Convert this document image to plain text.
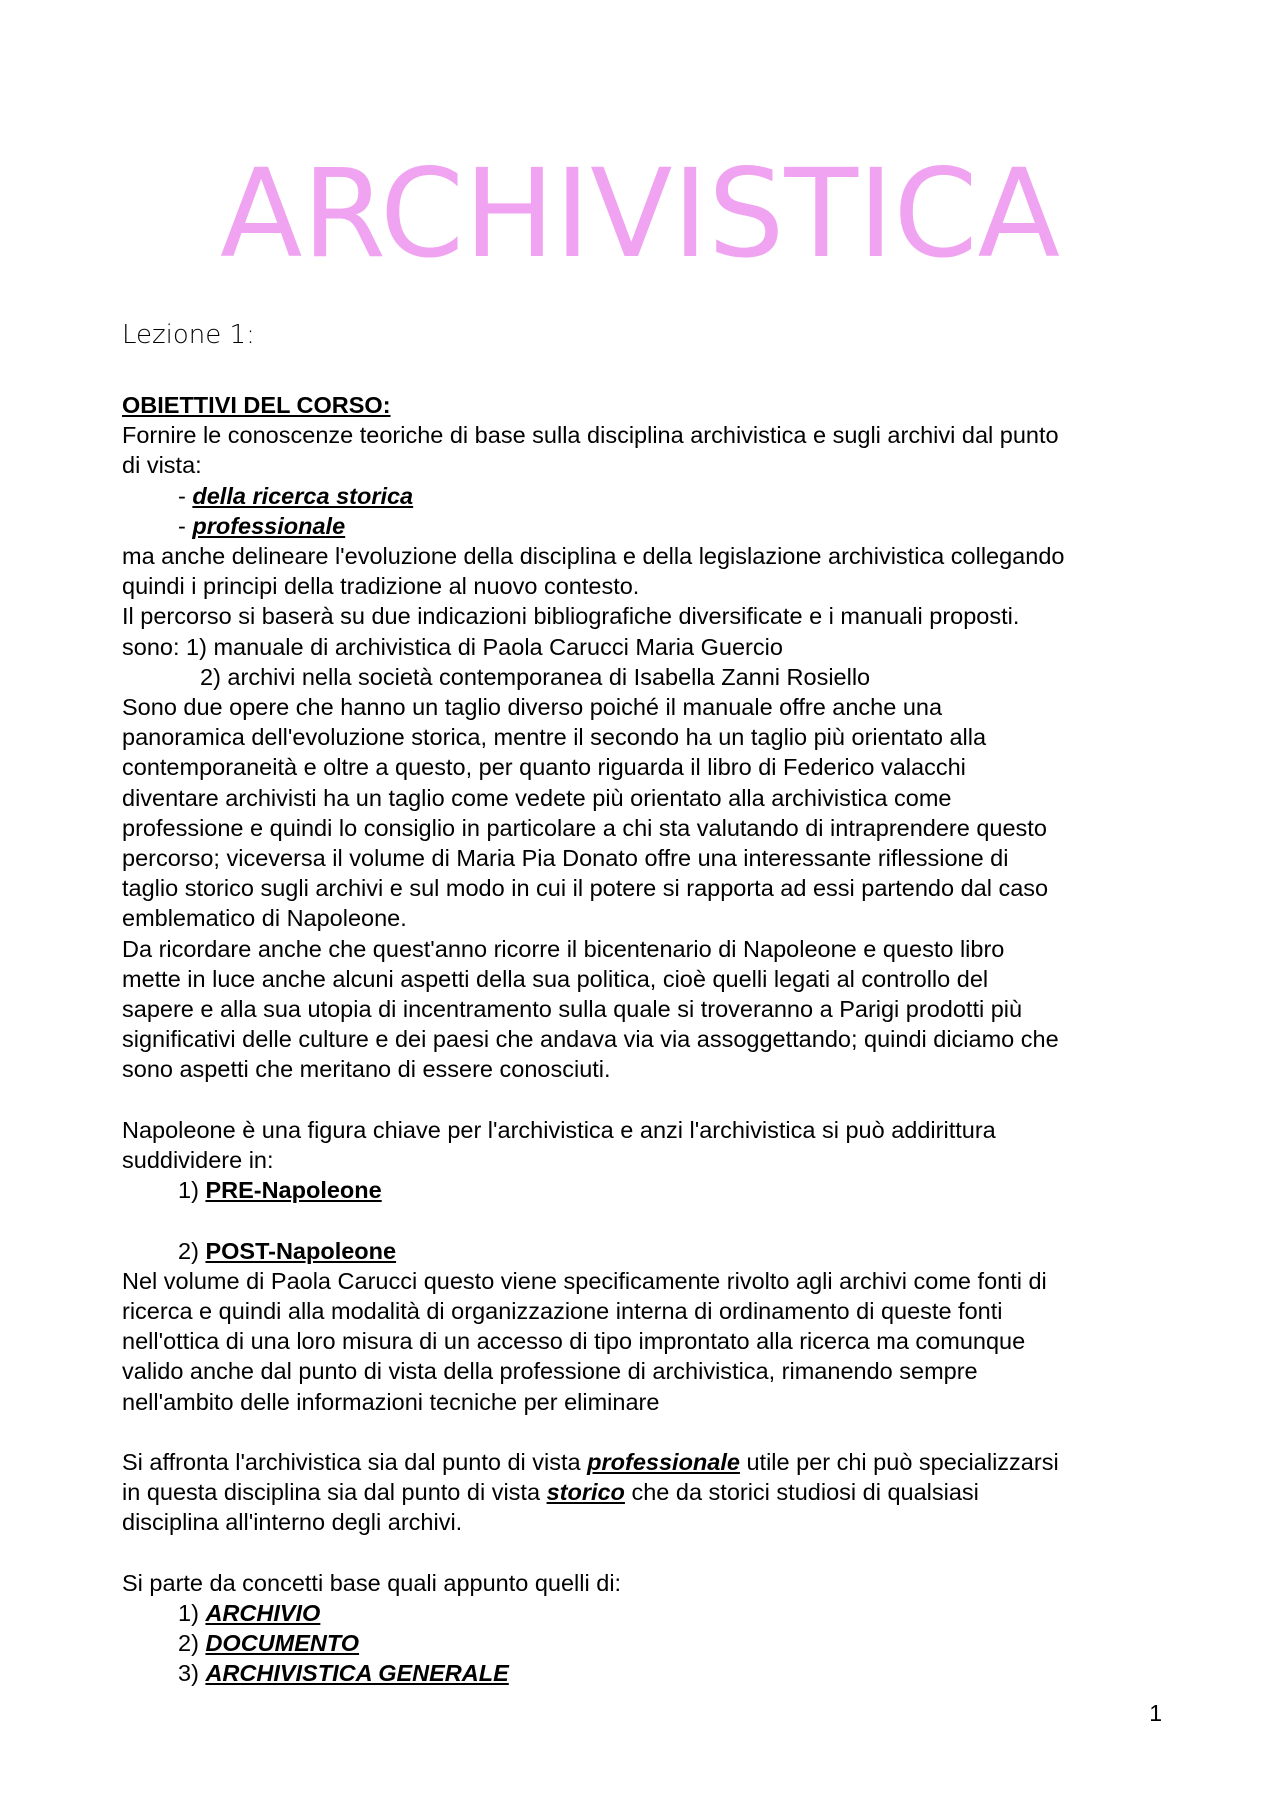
ARCHIVISTICA
Lezione 1:

OBIETTIVI DEL CORSO:

Fornire le conoscenze teoriche di base sulla disciplina archivistica e sugli archivi dal punto

di vista:

- della ricerca storica

- professionale

ma anche delineare l'evoluzione della disciplina e della legislazione archivistica collegando

quindi i principi della tradizione al nuovo contesto.

Il percorso si baserà su due indicazioni bibliografiche diversificate e i manuali proposti.

sono: 1) manuale di archivistica di Paola Carucci Maria Guercio

2) archivi nella società contemporanea di Isabella Zanni Rosiello

Sono due opere che hanno un taglio diverso poiché il manuale offre anche una

panoramica dell'evoluzione storica, mentre il secondo ha un taglio più orientato alla

contemporaneità e oltre a questo, per quanto riguarda il libro di Federico valacchi

diventare archivisti ha un taglio come vedete più orientato alla archivistica come

professione e quindi lo consiglio in particolare a chi sta valutando di intraprendere questo

percorso; viceversa il volume di Maria Pia Donato offre una interessante riflessione di

taglio storico sugli archivi e sul modo in cui il potere si rapporta ad essi partendo dal caso

emblematico di Napoleone.

Da ricordare anche che quest'anno ricorre il bicentenario di Napoleone e questo libro

mette in luce anche alcuni aspetti della sua politica, cioè quelli legati al controllo del

sapere e alla sua utopia di incentramento sulla quale si troveranno a Parigi prodotti più

significativi delle culture e dei paesi che andava via via assoggettando; quindi diciamo che

sono aspetti che meritano di essere conosciuti.

Napoleone è una figura chiave per l'archivistica e anzi l'archivistica si può addirittura

suddividere in:

1) PRE-Napoleone

2) POST-Napoleone

Nel volume di Paola Carucci questo viene specificamente rivolto agli archivi come fonti di

ricerca e quindi alla modalità di organizzazione interna di ordinamento di queste fonti

nell'ottica di una loro misura di un accesso di tipo improntato alla ricerca ma comunque

valido anche dal punto di vista della professione di archivistica, rimanendo sempre

nell'ambito delle informazioni tecniche per eliminare

Si affronta l'archivistica sia dal punto di vista professionale utile per chi può specializzarsi

in questa disciplina sia dal punto di vista storico che da storici studiosi di qualsiasi

disciplina all'interno degli archivi.

Si parte da concetti base quali appunto quelli di:

1) ARCHIVIO

2) DOCUMENTO

3) ARCHIVISTICA GENERALE

1
